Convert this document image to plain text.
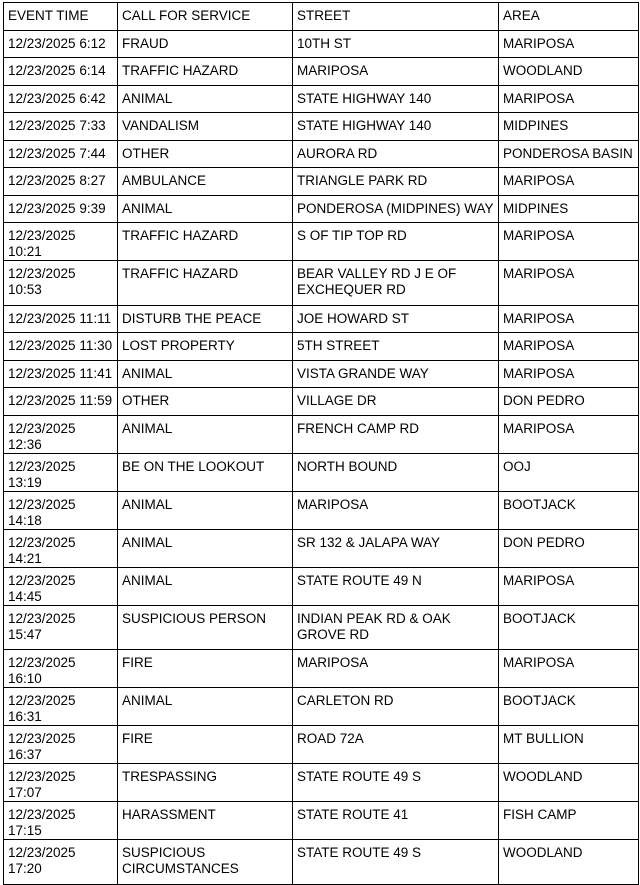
EVENT TIME	CALL FOR SERVICE	STREET	AREA
12/23/2025 6:12	FRAUD	10TH ST	MARIPOSA
12/23/2025 6:14	TRAFFIC HAZARD	MARIPOSA	WOODLAND
12/23/2025 6:42	ANIMAL	STATE HIGHWAY 140	MARIPOSA
12/23/2025 7:33	VANDALISM	STATE HIGHWAY 140	MIDPINES
12/23/2025 7:44	OTHER	AURORA RD	PONDEROSA BASIN
12/23/2025 8:27	AMBULANCE	TRIANGLE PARK RD	MARIPOSA
12/23/2025 9:39	ANIMAL	PONDEROSA (MIDPINES) WAY	MIDPINES
12/23/2025 10:21	TRAFFIC HAZARD	S OF TIP TOP RD	MARIPOSA
12/23/2025 10:53	TRAFFIC HAZARD	BEAR VALLEY RD J E OF EXCHEQUER RD	MARIPOSA
12/23/2025 11:11	DISTURB THE PEACE	JOE HOWARD ST	MARIPOSA
12/23/2025 11:30	LOST PROPERTY	5TH STREET	MARIPOSA
12/23/2025 11:41	ANIMAL	VISTA GRANDE WAY	MARIPOSA
12/23/2025 11:59	OTHER	VILLAGE DR	DON PEDRO
12/23/2025 12:36	ANIMAL	FRENCH CAMP RD	MARIPOSA
12/23/2025 13:19	BE ON THE LOOKOUT	NORTH BOUND	OOJ
12/23/2025 14:18	ANIMAL	MARIPOSA	BOOTJACK
12/23/2025 14:21	ANIMAL	SR 132 & JALAPA WAY	DON PEDRO
12/23/2025 14:45	ANIMAL	STATE ROUTE 49 N	MARIPOSA
12/23/2025 15:47	SUSPICIOUS PERSON	INDIAN PEAK RD & OAK GROVE RD	BOOTJACK
12/23/2025 16:10	FIRE	MARIPOSA	MARIPOSA
12/23/2025 16:31	ANIMAL	CARLETON RD	BOOTJACK
12/23/2025 16:37	FIRE	ROAD 72A	MT BULLION
12/23/2025 17:07	TRESPASSING	STATE ROUTE 49 S	WOODLAND
12/23/2025 17:15	HARASSMENT	STATE ROUTE 41	FISH CAMP
12/23/2025 17:20	SUSPICIOUS CIRCUMSTANCES	STATE ROUTE 49 S	WOODLAND
